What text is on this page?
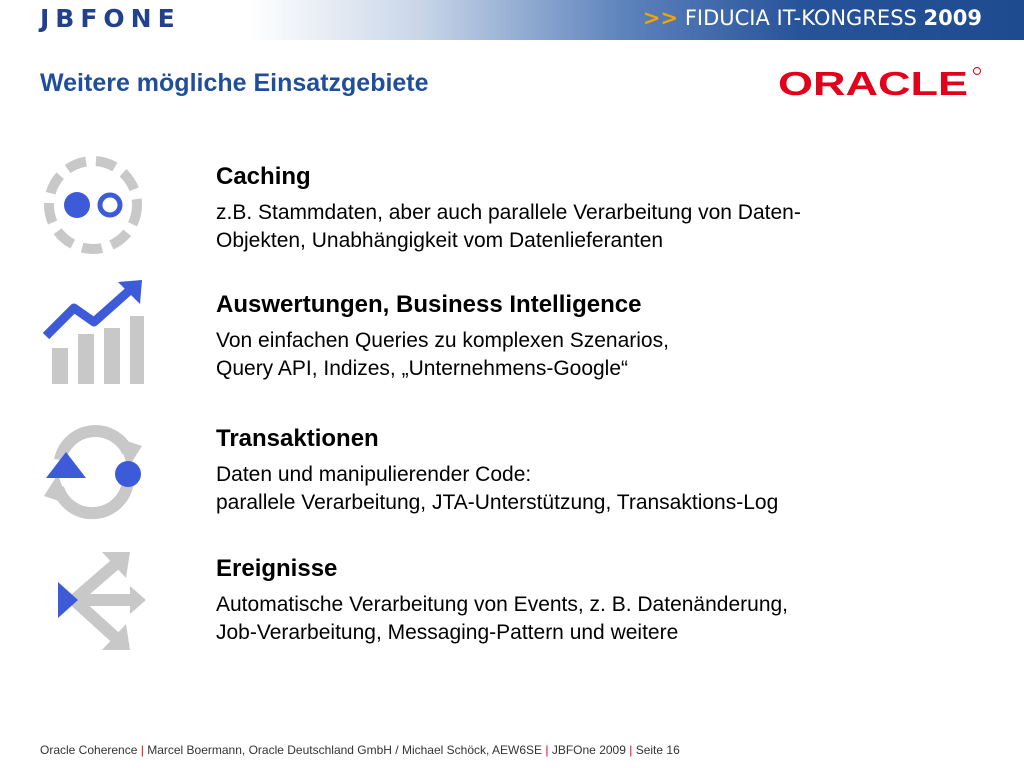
JBFONE	>> FIDUCIA IT-KONGRESS 2009
Weitere mögliche Einsatzgebiete	ORACLE
Caching
z.B. Stammdaten, aber auch parallele Verarbeitung von Daten-
Objekten, Unabhängigkeit vom Datenlieferanten
Auswertungen, Business Intelligence
Von einfachen Queries zu komplexen Szenarios,
Query API, Indizes, „Unternehmens-Google“
Transaktionen
Daten und manipulierender Code:
parallele Verarbeitung, JTA-Unterstützung, Transaktions-Log
Ereignisse
Automatische Verarbeitung von Events, z. B. Datenänderung,
Job-Verarbeitung, Messaging-Pattern und weitere
Oracle Coherence | Marcel Boermann, Oracle Deutschland GmbH / Michael Schöck, AEW6SE | JBFOne 2009 | Seite 16
